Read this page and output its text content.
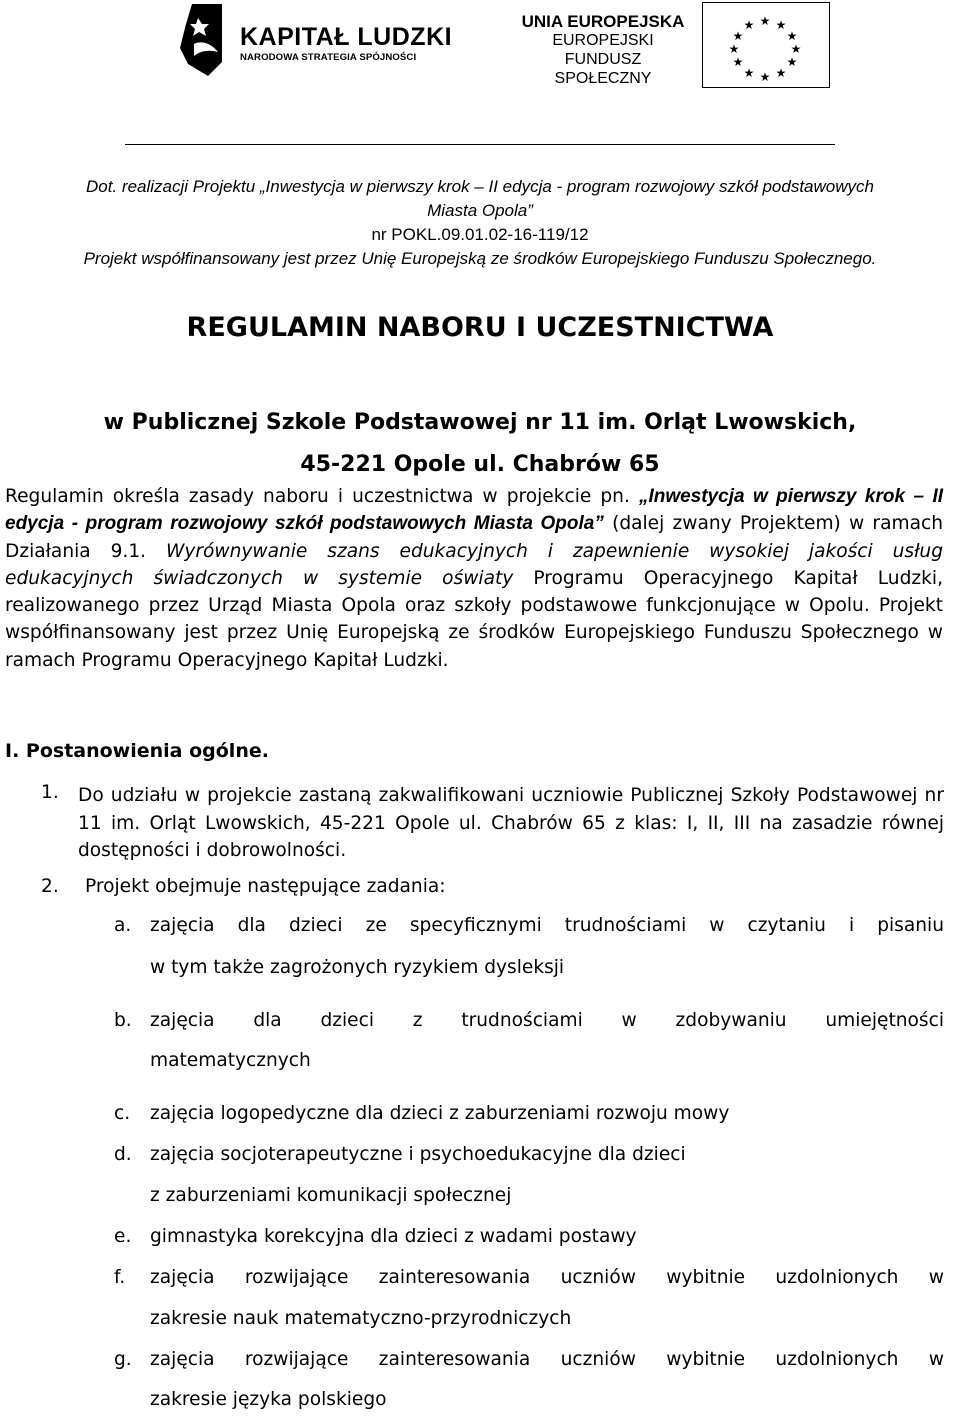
KAPITAŁ LUDZKI
NARODOWA STRATEGIA SPÓJNOŚCI
UNIA EUROPEJSKA
EUROPEJSKI
FUNDUSZ SPOŁECZNY
★ ★
★
★
★
★
★
★
★
★
★
★
Dot. realizacji Projektu „Inwestycja w pierwszy krok – II edycja - program rozwojowy szkół podstawowych
Miasta Opola”
nr POKL.09.01.02-16-119/12
Projekt współfinansowany jest przez Unię Europejską ze środków Europejskiego Funduszu Społecznego.
REGULAMIN NABORU I UCZESTNICTWA
w Publicznej Szkole Podstawowej nr 11 im. Orląt Lwowskich,
45-221 Opole ul. Chabrów 65
Regulamin określa zasady naboru i uczestnictwa w projekcie pn. „Inwestycja w pierwszy krok – II edycja - program rozwojowy szkół podstawowych Miasta Opola” (dalej zwany Projektem) w ramach Działania 9.1. Wyrównywanie szans edukacyjnych i zapewnienie wysokiej jakości usług edukacyjnych świadczonych w systemie oświaty Programu Operacyjnego Kapitał Ludzki, realizowanego przez Urząd Miasta Opola oraz szkoły podstawowe funkcjonujące w Opolu. Projekt współfinansowany jest przez Unię Europejską ze środków Europejskiego Funduszu Społecznego w ramach Programu Operacyjnego Kapitał Ludzki.
I. Postanowienia ogólne.
1. Do udziału w projekcie zastaną zakwalifikowani uczniowie Publicznej Szkoły Podstawowej nr 11 im. Orląt Lwowskich, 45-221 Opole ul. Chabrów 65 z klas: I, II, III na zasadzie równej dostępności i dobrowolności.
2. Projekt obejmuje następujące zadania:
a. zajęcia dla dzieci ze specyficznymi trudnościami w czytaniu i pisaniu
w tym także zagrożonych ryzykiem dysleksji
b. zajęcia dla dzieci z trudnościami w zdobywaniu umiejętności
matematycznych
c. zajęcia logopedyczne dla dzieci z zaburzeniami rozwoju mowy
d. zajęcia socjoterapeutyczne i psychoedukacyjne dla dzieci
z zaburzeniami komunikacji społecznej
e. gimnastyka korekcyjna dla dzieci z wadami postawy
f. zajęcia rozwijające zainteresowania uczniów wybitnie uzdolnionych w
zakresie nauk matematyczno-przyrodniczych
g. zajęcia rozwijające zainteresowania uczniów wybitnie uzdolnionych w
zakresie języka polskiego
